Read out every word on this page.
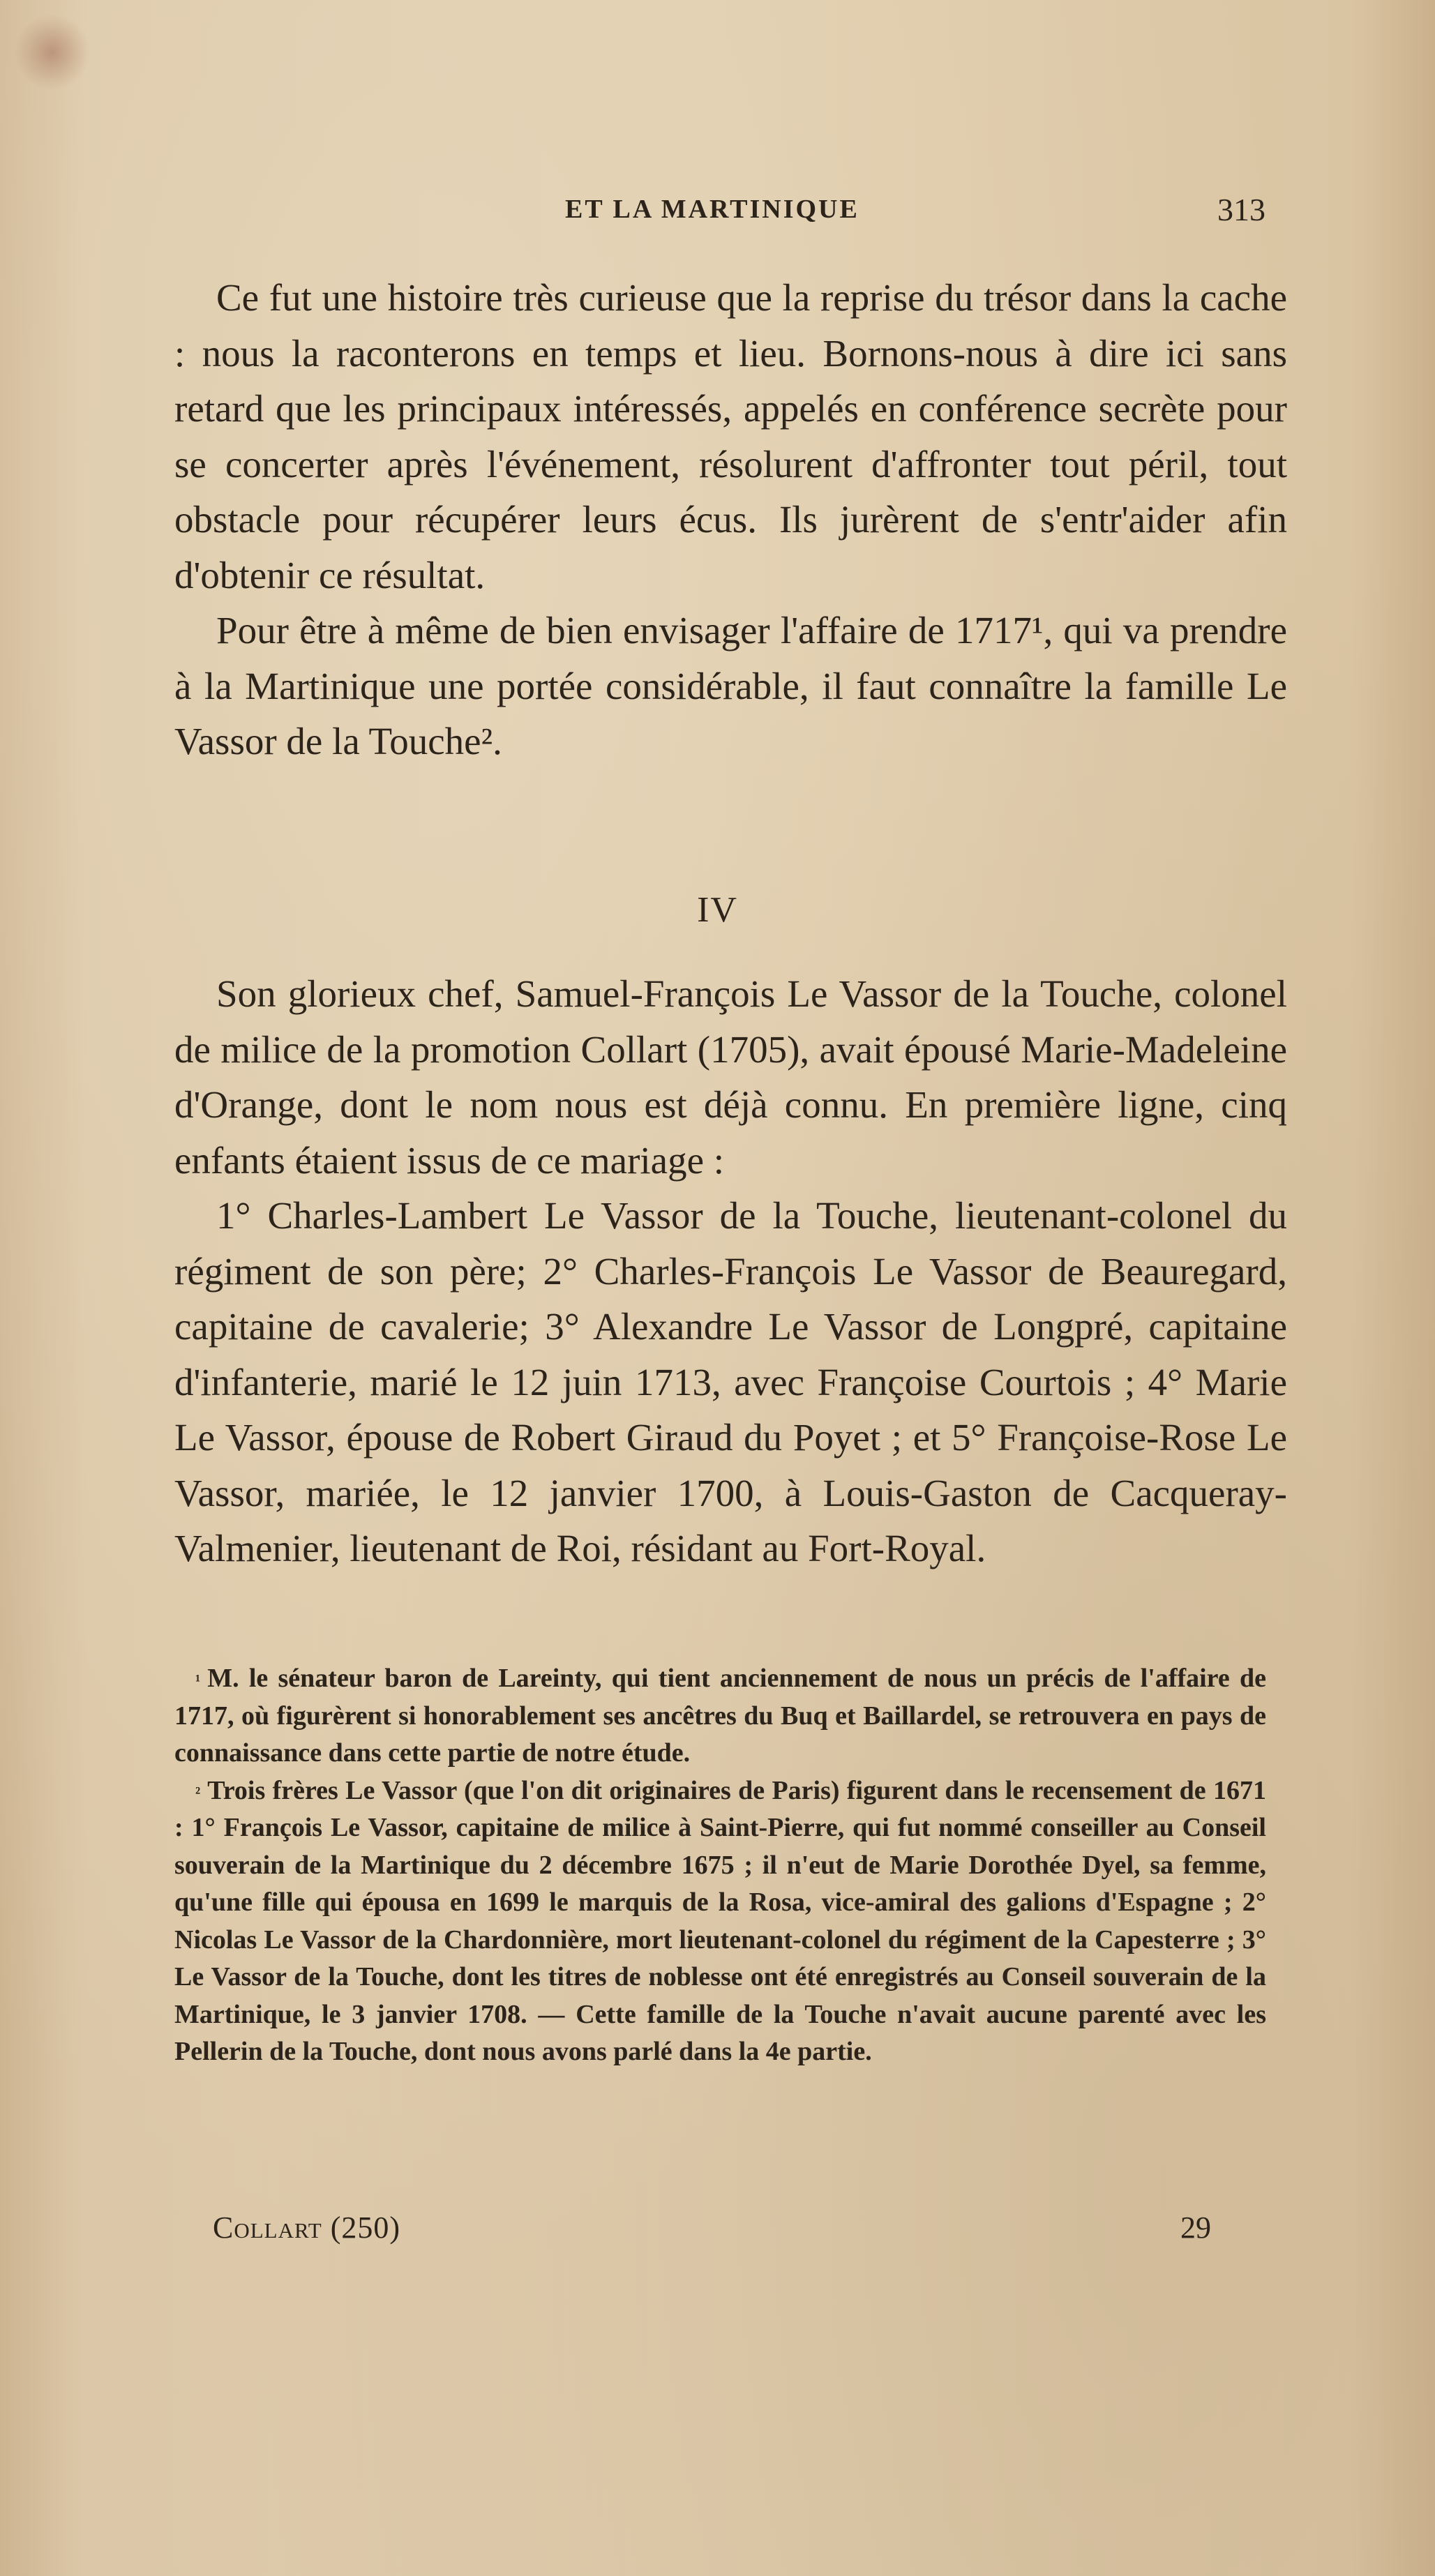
ET LA MARTINIQUE	313

Ce fut une histoire très curieuse que la reprise du trésor dans la cache : nous la raconterons en temps et lieu. Bornons-nous à dire ici sans retard que les principaux intéressés, appelés en conférence secrète pour se concerter après l'événement, résolurent d'affronter tout péril, tout obstacle pour récupérer leurs écus. Ils jurèrent de s'entr'aider afin d'obtenir ce résultat.

Pour être à même de bien envisager l'affaire de 1717¹, qui va prendre à la Martinique une portée considérable, il faut connaître la famille Le Vassor de la Touche².

IV

Son glorieux chef, Samuel-François Le Vassor de la Touche, colonel de milice de la promotion Collart (1705), avait épousé Marie-Madeleine d'Orange, dont le nom nous est déjà connu. En première ligne, cinq enfants étaient issus de ce mariage :

1° Charles-Lambert Le Vassor de la Touche, lieutenant-colonel du régiment de son père; 2° Charles-François Le Vassor de Beauregard, capitaine de cavalerie; 3° Alexandre Le Vassor de Longpré, capitaine d'infanterie, marié le 12 juin 1713, avec Françoise Courtois ; 4° Marie Le Vassor, épouse de Robert Giraud du Poyet ; et 5° Françoise-Rose Le Vassor, mariée, le 12 janvier 1700, à Louis-Gaston de Cacqueray-Valmenier, lieutenant de Roi, résidant au Fort-Royal.

$^{^1}$ M. le sénateur baron de Lareinty, qui tient anciennement de nous un précis de l'affaire de 1717, où figurèrent si honorablement ses ancêtres du Buq et Baillardel, se retrouvera en pays de connaissance dans cette partie de notre étude.

$^{^2}$ Trois frères Le Vassor (que l'on dit originaires de Paris) figurent dans le recensement de 1671 : 1° François Le Vassor, capitaine de milice à Saint-Pierre, qui fut nommé conseiller au Conseil souverain de la Martinique du 2 décembre 1675 ; il n'eut de Marie Dorothée Dyel, sa femme, qu'une fille qui épousa en 1699 le marquis de la Rosa, vice-amiral des galions d'Espagne ; 2° Nicolas Le Vassor de la Chardonnière, mort lieutenant-colonel du régiment de la Capesterre ; 3° Le Vassor de la Touche, dont les titres de noblesse ont été enregistrés au Conseil souverain de la Martinique, le 3 janvier 1708. — Cette famille de la Touche n'avait aucune parenté avec les Pellerin de la Touche, dont nous avons parlé dans la 4e partie.

Collart (250)	29
